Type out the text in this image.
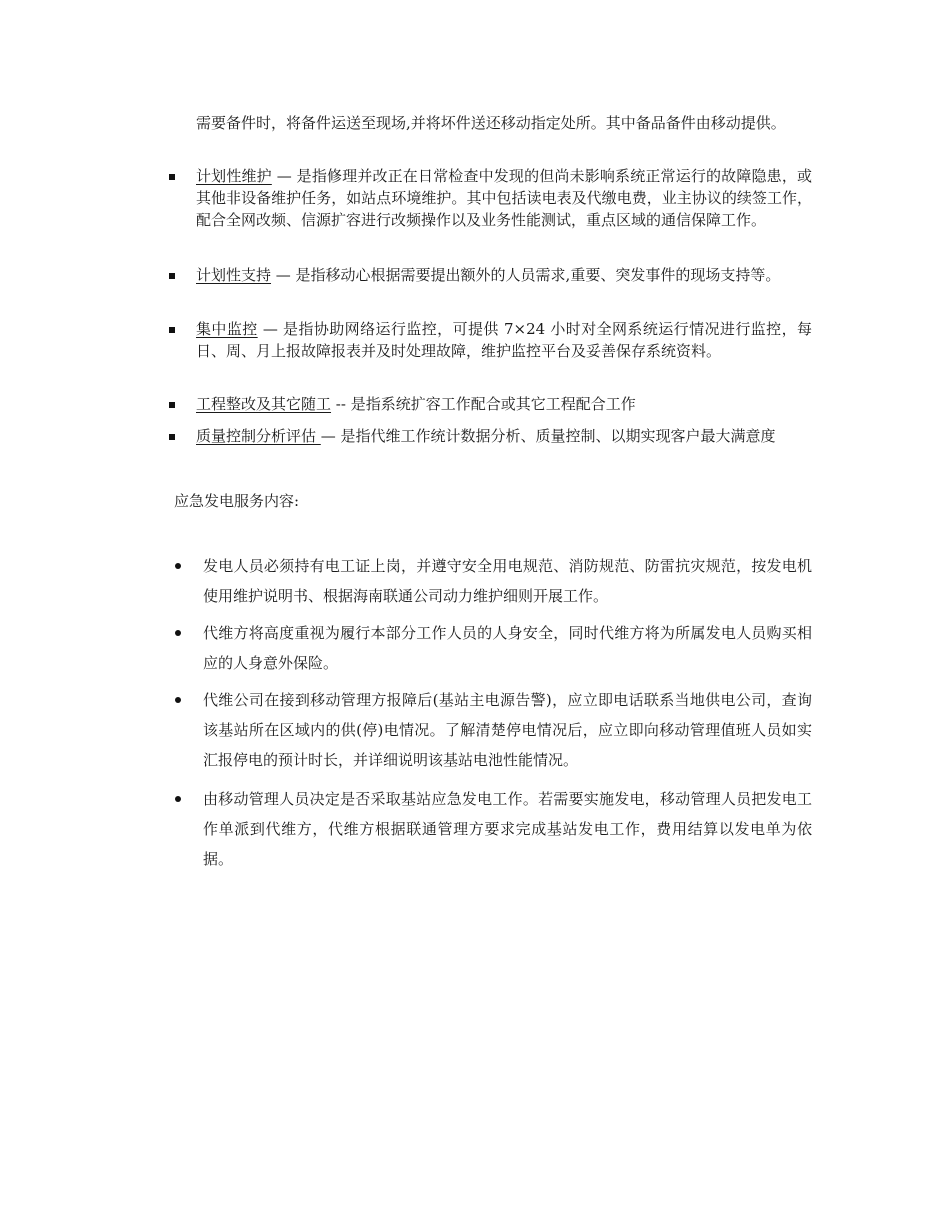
需要备件时，将备件运送至现场,并将坏件送还移动指定处所。其中备品备件由移动提供。
计划性维护 — 是指修理并改正在日常检查中发现的但尚未影响系统正常运行的故障隐患，或其他非设备维护任务，如站点环境维护。其中包括读电表及代缴电费，业主协议的续签工作，配合全网改频、信源扩容进行改频操作以及业务性能测试，重点区域的通信保障工作。
计划性支持 — 是指移动心根据需要提出额外的人员需求,重要、突发事件的现场支持等。
集中监控 — 是指协助网络运行监控，可提供 7×24 小时对全网系统运行情况进行监控，每日、周、月上报故障报表并及时处理故障，维护监控平台及妥善保存系统资料。
工程整改及其它随工 -- 是指系统扩容工作配合或其它工程配合工作
质量控制分析评估 — 是指代维工作统计数据分析、质量控制、以期实现客户最大满意度
应急发电服务内容:
发电人员必须持有电工证上岗，并遵守安全用电规范、消防规范、防雷抗灾规范，按发电机使用维护说明书、根据海南联通公司动力维护细则开展工作。
代维方将高度重视为履行本部分工作人员的人身安全，同时代维方将为所属发电人员购买相应的人身意外保险。
代维公司在接到移动管理方报障后(基站主电源告警)，应立即电话联系当地供电公司，查询该基站所在区域内的供(停)电情况。了解清楚停电情况后，应立即向移动管理值班人员如实汇报停电的预计时长，并详细说明该基站电池性能情况。
由移动管理人员决定是否采取基站应急发电工作。若需要实施发电，移动管理人员把发电工作单派到代维方，代维方根据联通管理方要求完成基站发电工作，费用结算以发电单为依据。
